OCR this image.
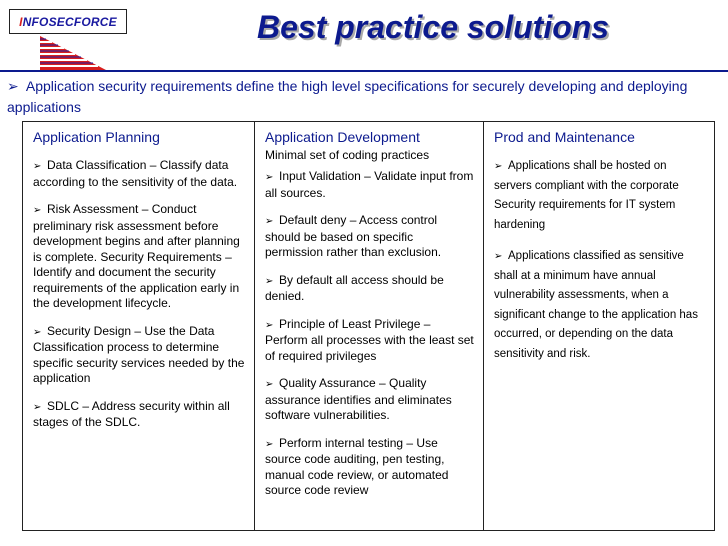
INFOSECFORCE	Best practice solutions
➢ Application security requirements define the high level specifications for securely developing and deploying applications
Application Planning
➢ Data Classification – Classify data according to the sensitivity of the data.
➢ Risk Assessment – Conduct preliminary risk assessment before development begins and after planning is complete. Security Requirements – Identify and document the security requirements of the application early in the development lifecycle.
➢ Security Design – Use the Data Classification process to determine specific security services needed by the application
➢ SDLC – Address security within all stages of the SDLC.
Application Development
Minimal set of coding practices
➢ Input Validation – Validate input from all sources.
➢ Default deny – Access control should be based on specific permission rather than exclusion.
➢ By default all access should be denied.
➢ Principle of Least Privilege – Perform all processes with the least set of required privileges
➢ Quality Assurance – Quality assurance identifies and eliminates software vulnerabilities.
➢ Perform internal testing – Use source code auditing, pen testing, manual code review, or automated source code review
Prod and Maintenance
➢ Applications shall be hosted on servers compliant with the corporate Security requirements for IT system hardening
➢ Applications classified as sensitive shall at a minimum have annual vulnerability assessments, when a significant change to the application has occurred, or depending on the data sensitivity and risk.
